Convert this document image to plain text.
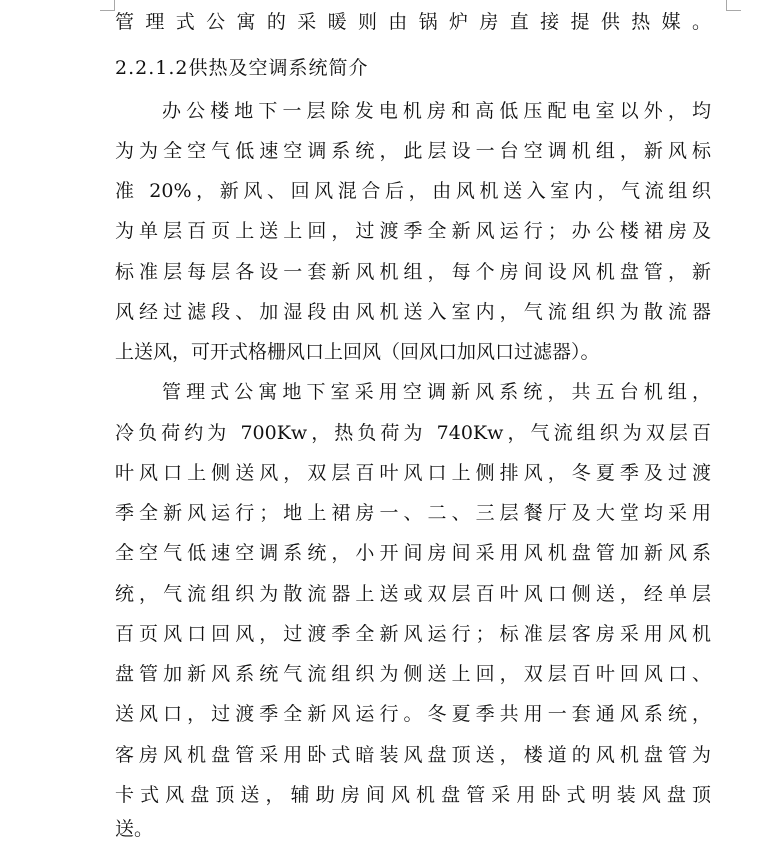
管理式公寓的采暖则由锅炉房直接提供热媒。
2.2.1.2供热及空调系统简介
办公楼地下一层除发电机房和高低压配电室以外，均
为为全空气低速空调系统，此层设一台空调机组，新风标
准 20%，新风、回风混合后，由风机送入室内，气流组织
为单层百页上送上回，过渡季全新风运行；办公楼裙房及
标准层每层各设一套新风机组，每个房间设风机盘管，新
风经过滤段、加湿段由风机送入室内，气流组织为散流器
上送风，可开式格栅风口上回风（回风口加风口过滤器）。
管理式公寓地下室采用空调新风系统，共五台机组，
冷负荷约为 700Kw，热负荷为 740Kw，气流组织为双层百
叶风口上侧送风，双层百叶风口上侧排风，冬夏季及过渡
季全新风运行；地上裙房一、二、三层餐厅及大堂均采用
全空气低速空调系统，小开间房间采用风机盘管加新风系
统，气流组织为散流器上送或双层百叶风口侧送，经单层
百页风口回风，过渡季全新风运行；标准层客房采用风机
盘管加新风系统气流组织为侧送上回，双层百叶回风口、
送风口，过渡季全新风运行。冬夏季共用一套通风系统，
客房风机盘管采用卧式暗装风盘顶送，楼道的风机盘管为
卡式风盘顶送，辅助房间风机盘管采用卧式明装风盘顶
送。
